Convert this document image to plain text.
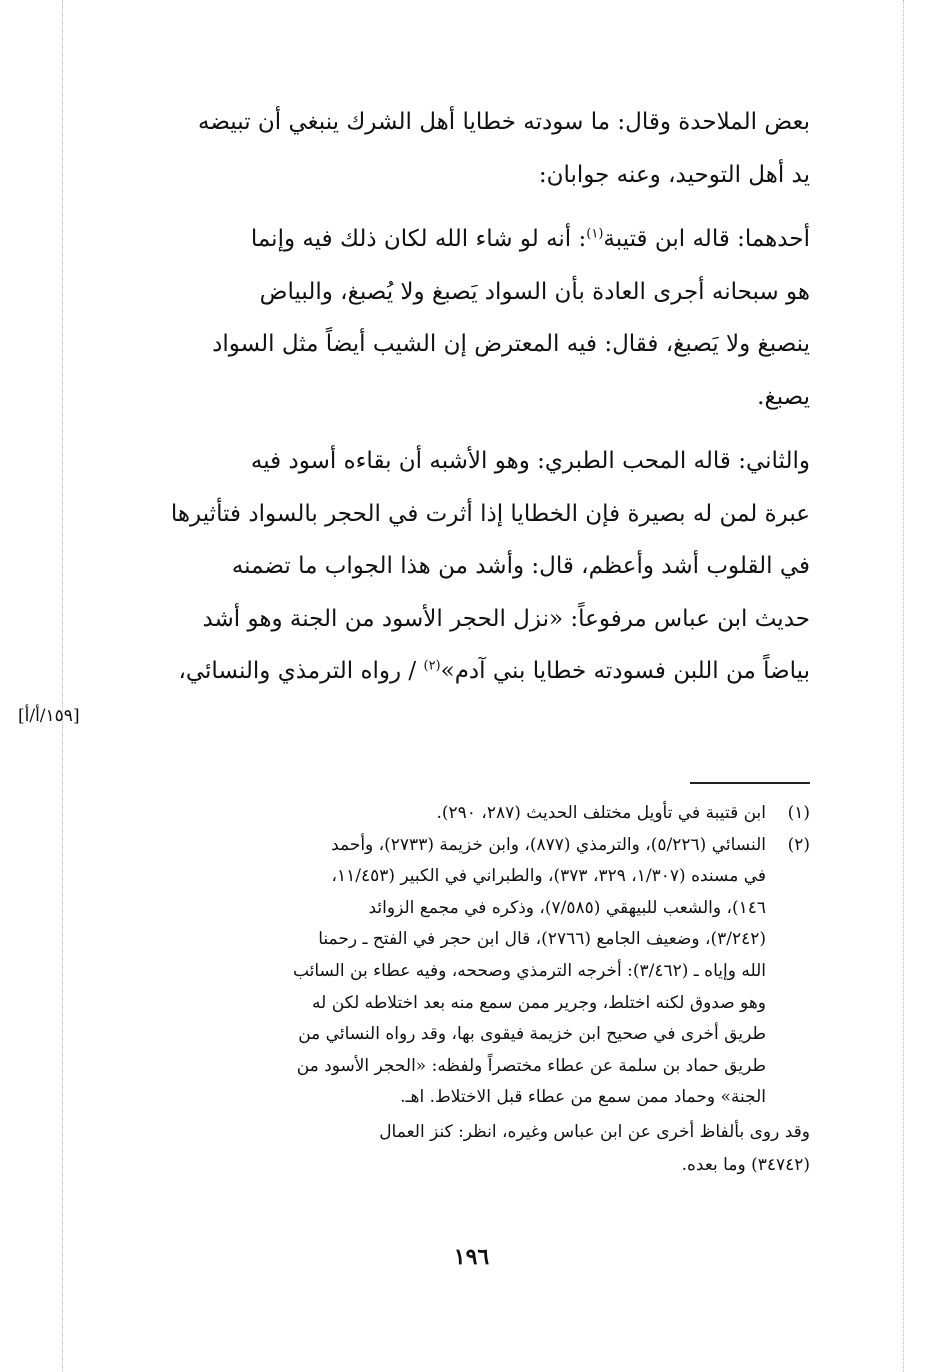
بعض الملاحدة وقال: ما سودته خطايا أهل الشرك ينبغي أن تبيضه

يد أهل التوحيد، وعنه جوابان:

أحدهما: قاله ابن قتيبة$^{(١)}$: أنه لو شاء الله لكان ذلك فيه وإنما

هو سبحانه أجرى العادة بأن السواد يَصبغ ولا يُصبغ، والبياض

ينصبغ ولا يَصبغ، فقال: فيه المعترض إن الشيب أيضاً مثل السواد

يصبغ.

والثاني: قاله المحب الطبري: وهو الأشبه أن بقاءه أسود فيه

عبرة لمن له بصيرة فإن الخطايا إذا أثرت في الحجر بالسواد فتأثيرها

في القلوب أشد وأعظم، قال: وأشد من هذا الجواب ما تضمنه

حديث ابن عباس مرفوعاً: «نزل الحجر الأسود من الجنة وهو أشد

بياضاً من اللبن فسودته خطايا بني آدم»$^{(٢)}$ / رواه الترمذي والنسائي،

[١٥٩/أ/أ]
(١)
ابن قتيبة في تأويل مختلف الحديث (٢٨٧، ٢٩٠).
(٢)
النسائي (٥/٢٢٦)، والترمذي (٨٧٧)، وابن خزيمة (٢٧٣٣)، وأحمد
في مسنده (١/٣٠٧، ٣٢٩، ٣٧٣)، والطبراني في الكبير (١١/٤٥٣،
١٤٦)، والشعب للبيهقي (٧/٥٨٥)، وذكره في مجمع الزوائد
(٣/٢٤٢)، وضعيف الجامع (٢٧٦٦)، قال ابن حجر في الفتح ـ رحمنا
الله وإياه ـ (٣/٤٦٢): أخرجه الترمذي وصححه، وفيه عطاء بن السائب
وهو صدوق لكنه اختلط، وجرير ممن سمع منه بعد اختلاطه لكن له
طريق أخرى في صحيح ابن خزيمة فيقوى بها، وقد رواه النسائي من
طريق حماد بن سلمة عن عطاء مختصراً ولفظه: «الحجر الأسود من
الجنة» وحماد ممن سمع من عطاء قبل الاختلاط. اهـ.
وقد روى بألفاظ أخرى عن ابن عباس وغيره، انظر: كنز العمال
(٣٤٧٤٢) وما بعده.
١٩٦
